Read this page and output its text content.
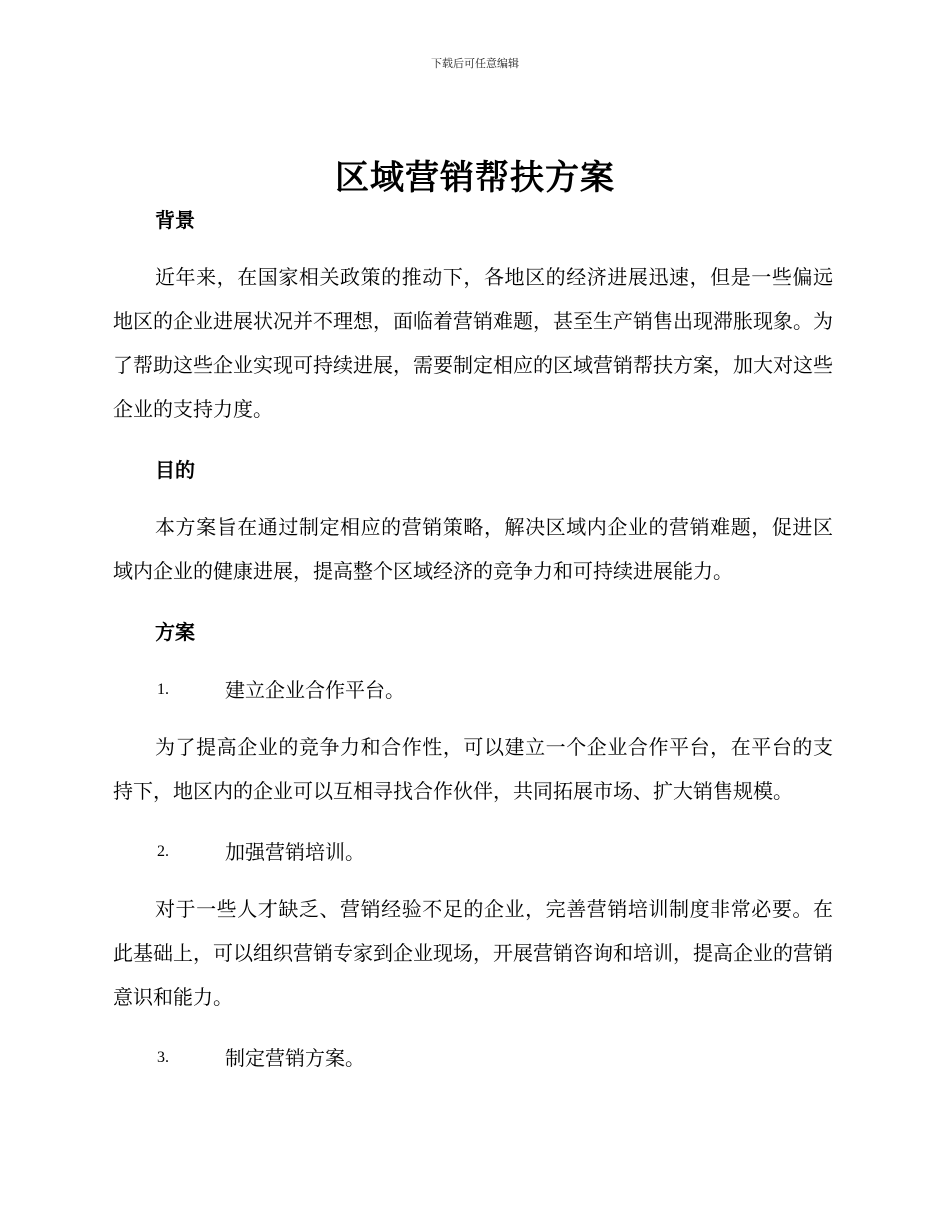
下载后可任意编辑
区域营销帮扶方案
背景

近年来，在国家相关政策的推动下，各地区的经济进展迅速，但是一些偏远地区的企业进展状况并不理想，面临着营销难题，甚至生产销售出现滞胀现象。为了帮助这些企业实现可持续进展，需要制定相应的区域营销帮扶方案，加大对这些企业的支持力度。

目的

本方案旨在通过制定相应的营销策略，解决区域内企业的营销难题，促进区域内企业的健康进展，提高整个区域经济的竞争力和可持续进展能力。

方案
1.	建立企业合作平台。

为了提高企业的竞争力和合作性，可以建立一个企业合作平台，在平台的支持下，地区内的企业可以互相寻找合作伙伴，共同拓展市场、扩大销售规模。

2.	加强营销培训。

对于一些人才缺乏、营销经验不足的企业，完善营销培训制度非常必要。在此基础上，可以组织营销专家到企业现场，开展营销咨询和培训，提高企业的营销意识和能力。

3.	制定营销方案。
